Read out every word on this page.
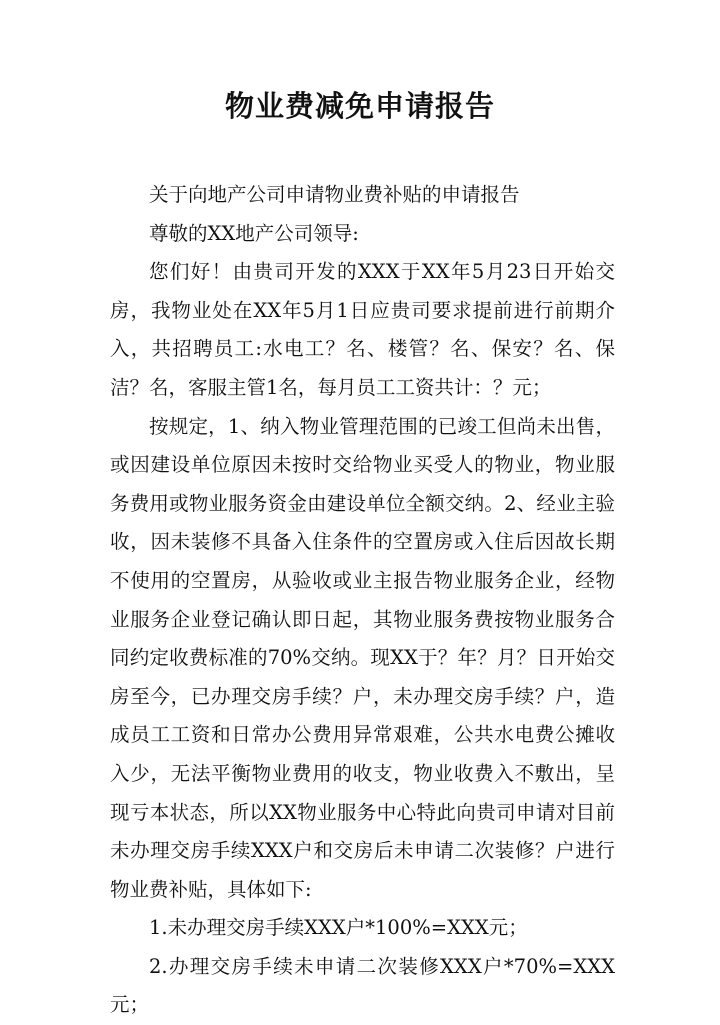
物业费减免申请报告

关于向地产公司申请物业费补贴的申请报告

尊敬的XX地产公司领导:

您们好！由贵司开发的XXX于XX年5月23日开始交房，我物业处在XX年5月1日应贵司要求提前进行前期介入，共招聘员工:水电工？名、楼管？名、保安？名、保洁？名，客服主管1名，每月员工工资共计：？元；

按规定，1、纳入物业管理范围的已竣工但尚未出售，或因建设单位原因未按时交给物业买受人的物业，物业服务费用或物业服务资金由建设单位全额交纳。2、经业主验收，因未装修不具备入住条件的空置房或入住后因故长期不使用的空置房，从验收或业主报告物业服务企业，经物业服务企业登记确认即日起，其物业服务费按物业服务合同约定收费标准的70%交纳。现XX于？年？月？日开始交房至今，已办理交房手续？户，未办理交房手续？户，造成员工工资和日常办公费用异常艰难，公共水电费公摊收入少，无法平衡物业费用的收支，物业收费入不敷出，呈现亏本状态，所以XX物业服务中心特此向贵司申请对目前未办理交房手续XXX户和交房后未申请二次装修？户进行物业费补贴，具体如下:

1.未办理交房手续XXX户*100%=XXX元；

2.办理交房手续未申请二次装修XXX户*70%=XXX元；
